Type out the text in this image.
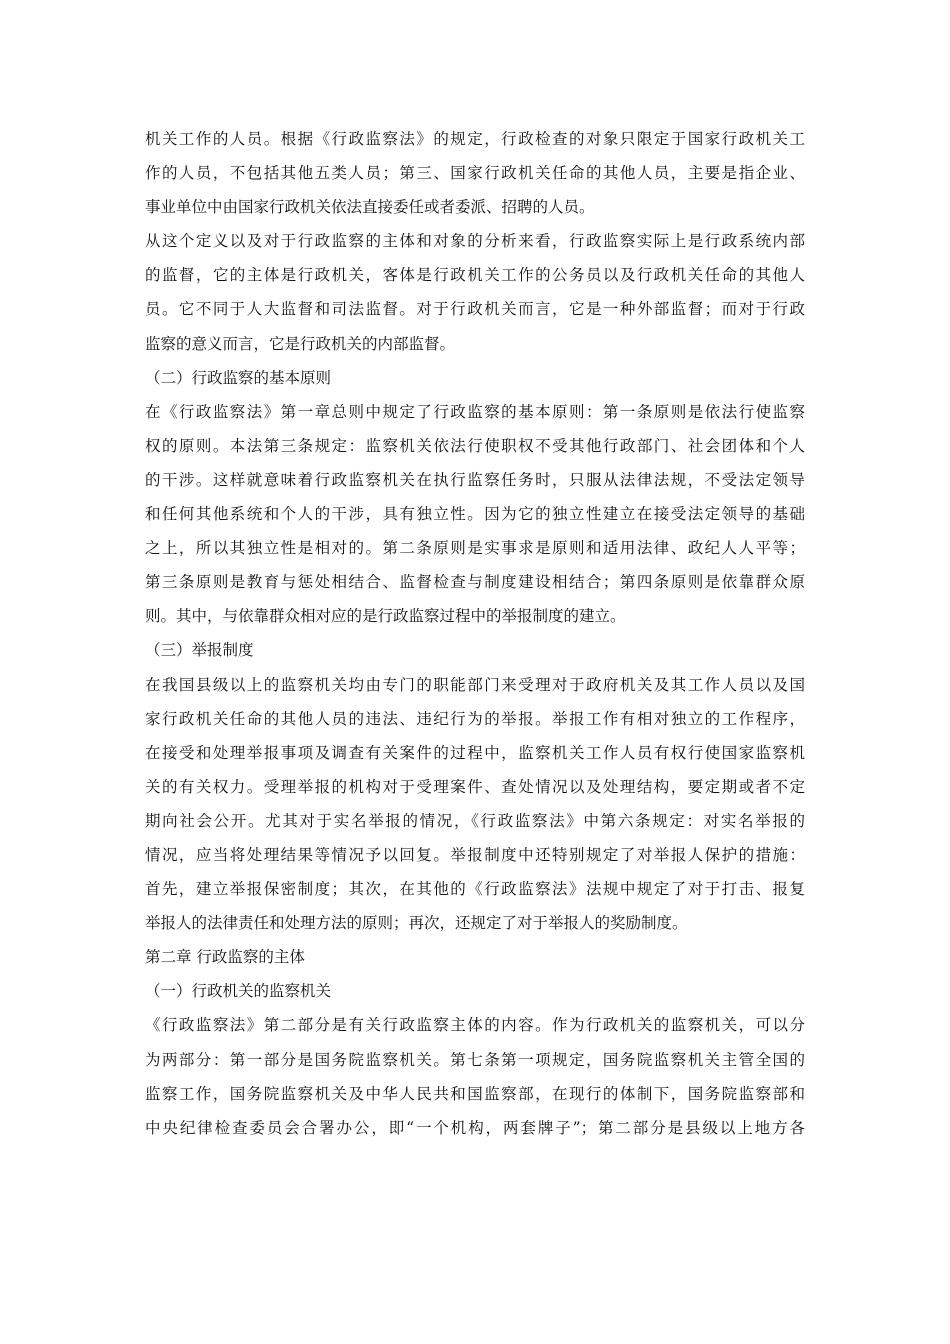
机关工作的人员。根据《行政监察法》的规定，行政检查的对象只限定于国家行政机关工
作的人员，不包括其他五类人员；第三、国家行政机关任命的其他人员，主要是指企业、
事业单位中由国家行政机关依法直接委任或者委派、招聘的人员。
从这个定义以及对于行政监察的主体和对象的分析来看，行政监察实际上是行政系统内部
的监督，它的主体是行政机关，客体是行政机关工作的公务员以及行政机关任命的其他人
员。它不同于人大监督和司法监督。对于行政机关而言，它是一种外部监督；而对于行政
监察的意义而言，它是行政机关的内部监督。
（二）行政监察的基本原则
在《行政监察法》第一章总则中规定了行政监察的基本原则：第一条原则是依法行使监察
权的原则。本法第三条规定：监察机关依法行使职权不受其他行政部门、社会团体和个人
的干涉。这样就意味着行政监察机关在执行监察任务时，只服从法律法规，不受法定领导
和任何其他系统和个人的干涉，具有独立性。因为它的独立性建立在接受法定领导的基础
之上，所以其独立性是相对的。第二条原则是实事求是原则和适用法律、政纪人人平等；
第三条原则是教育与惩处相结合、监督检查与制度建设相结合；第四条原则是依靠群众原
则。其中，与依靠群众相对应的是行政监察过程中的举报制度的建立。
（三）举报制度
在我国县级以上的监察机关均由专门的职能部门来受理对于政府机关及其工作人员以及国
家行政机关任命的其他人员的违法、违纪行为的举报。举报工作有相对独立的工作程序，
在接受和处理举报事项及调查有关案件的过程中，监察机关工作人员有权行使国家监察机
关的有关权力。受理举报的机构对于受理案件、查处情况以及处理结构，要定期或者不定
期向社会公开。尤其对于实名举报的情况，《行政监察法》中第六条规定：对实名举报的
情况，应当将处理结果等情况予以回复。举报制度中还特别规定了对举报人保护的措施：
首先，建立举报保密制度；其次，在其他的《行政监察法》法规中规定了对于打击、报复
举报人的法律责任和处理方法的原则；再次，还规定了对于举报人的奖励制度。
第二章 行政监察的主体
（一）行政机关的监察机关
《行政监察法》第二部分是有关行政监察主体的内容。作为行政机关的监察机关，可以分
为两部分：第一部分是国务院监察机关。第七条第一项规定，国务院监察机关主管全国的
监察工作，国务院监察机关及中华人民共和国监察部，在现行的体制下，国务院监察部和
中央纪律检查委员会合署办公，即“一个机构，两套牌子”；第二部分是县级以上地方各
